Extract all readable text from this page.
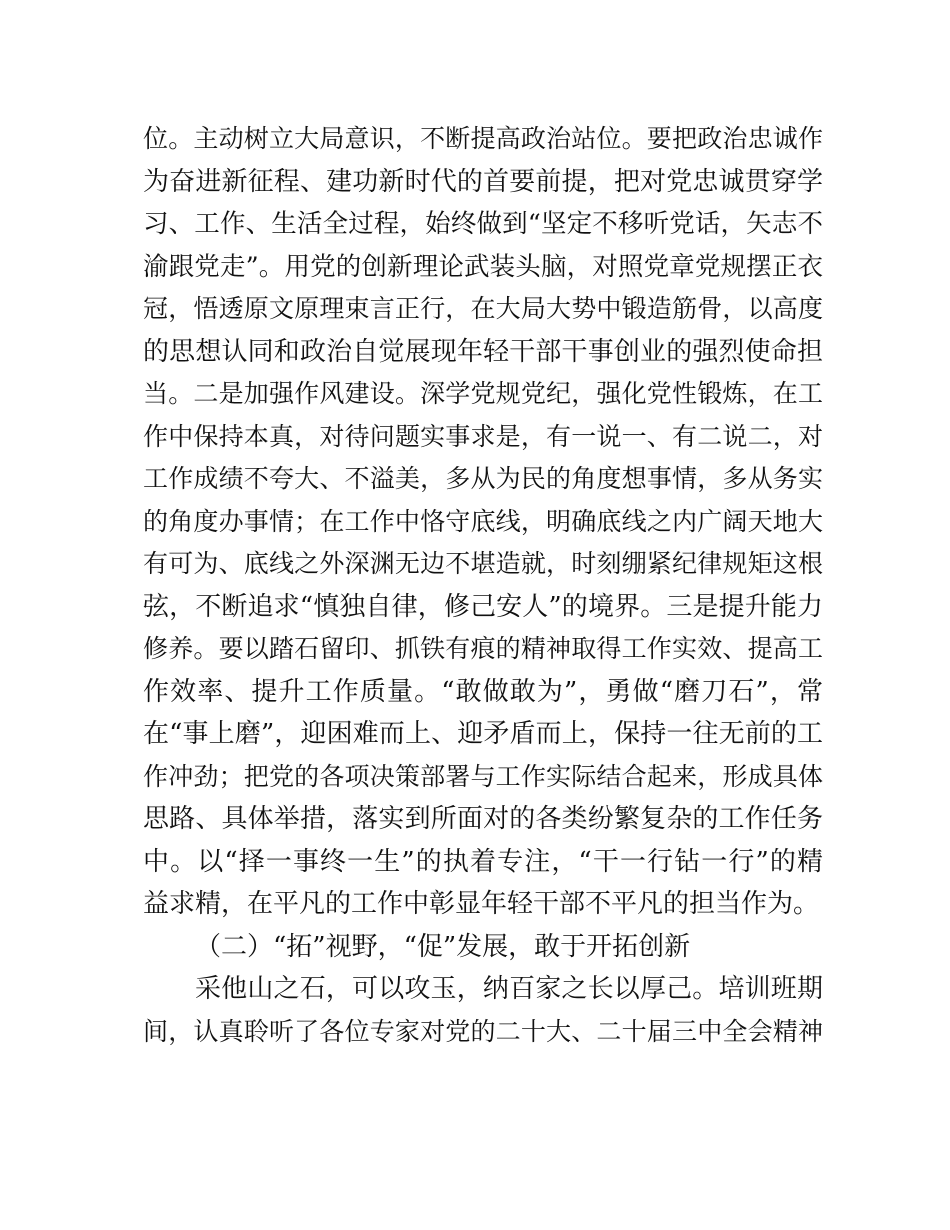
位。主动树立大局意识，不断提高政治站位。要把政治忠诚作
为奋进新征程、建功新时代的首要前提，把对党忠诚贯穿学
习、工作、生活全过程，始终做到“坚定不移听党话，矢志不
渝跟党走”。用党的创新理论武装头脑，对照党章党规摆正衣
冠，悟透原文原理束言正行，在大局大势中锻造筋骨，以高度
的思想认同和政治自觉展现年轻干部干事创业的强烈使命担
当。二是加强作风建设。深学党规党纪，强化党性锻炼，在工
作中保持本真，对待问题实事求是，有一说一、有二说二，对
工作成绩不夸大、不溢美，多从为民的角度想事情，多从务实
的角度办事情；在工作中恪守底线，明确底线之内广阔天地大
有可为、底线之外深渊无边不堪造就，时刻绷紧纪律规矩这根
弦，不断追求“慎独自律，修己安人”的境界。三是提升能力
修养。要以踏石留印、抓铁有痕的精神取得工作实效、提高工
作效率、提升工作质量。“敢做敢为”，勇做“磨刀石”，常
在“事上磨”，迎困难而上、迎矛盾而上，保持一往无前的工
作冲劲；把党的各项决策部署与工作实际结合起来，形成具体
思路、具体举措，落实到所面对的各类纷繁复杂的工作任务
中。以“择一事终一生”的执着专注，“干一行钻一行”的精
益求精，在平凡的工作中彰显年轻干部不平凡的担当作为。
（二）“拓”视野，“促”发展，敢于开拓创新
采他山之石，可以攻玉，纳百家之长以厚己。培训班期
间，认真聆听了各位专家对党的二十大、二十届三中全会精神
